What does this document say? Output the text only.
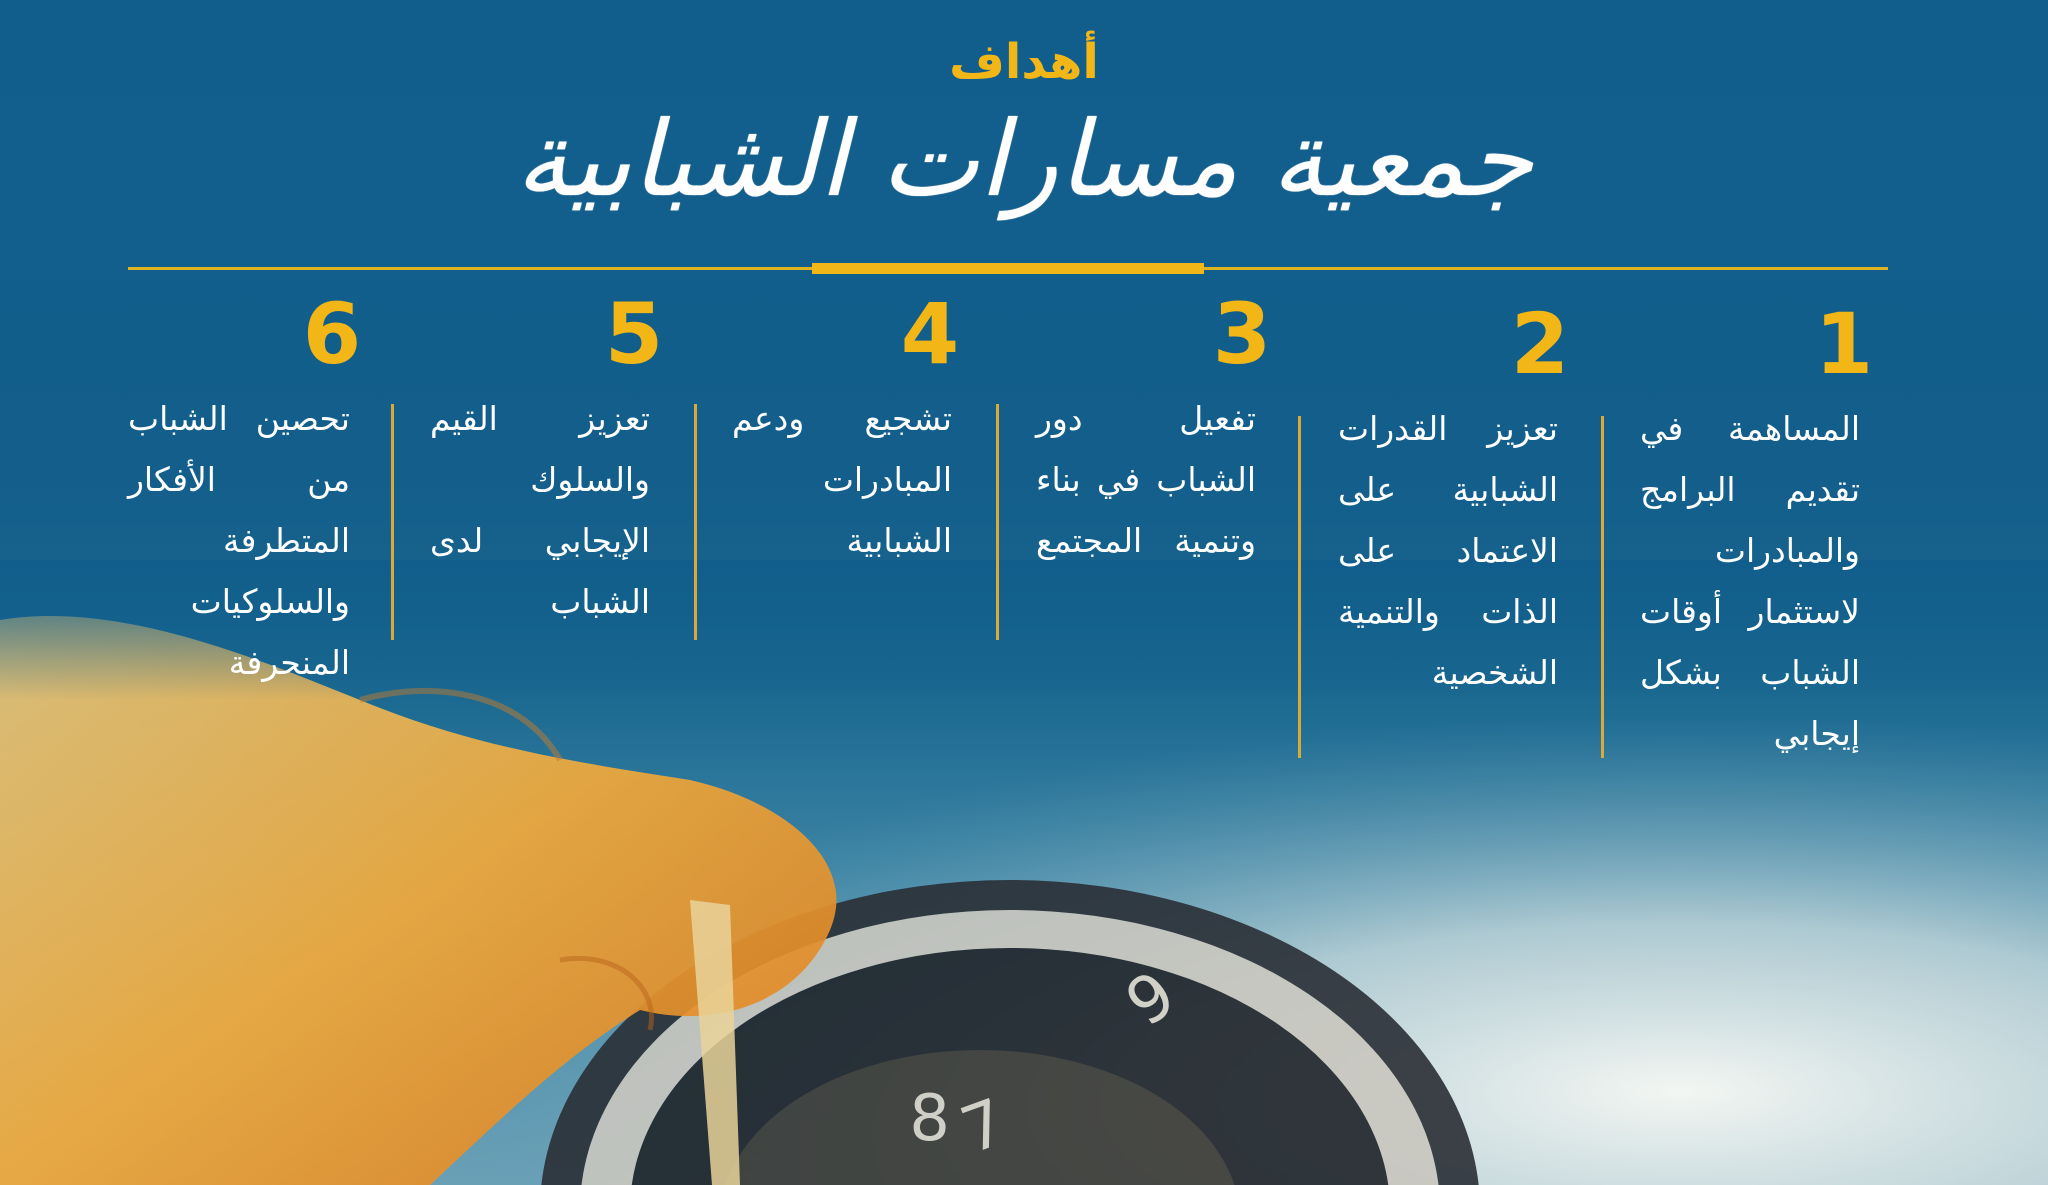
7
9
8
أهداف
جمعية مسارات الشبابية
1
المساهمة في تقديم البرامج والمبادرات لاستثمار أوقات الشباب بشكل إيجابي
2
تعزيز القدرات الشبابية على الاعتماد على الذات والتنمية الشخصية
3
تفعيل دور الشباب في بناء وتنمية المجتمع
4
تشجيع ودعم المبادرات الشبابية
5
تعزيز القيم والسلوك الإيجابي لدى الشباب
6
تحصين الشباب من الأفكار المتطرفة والسلوكيات المنحرفة
